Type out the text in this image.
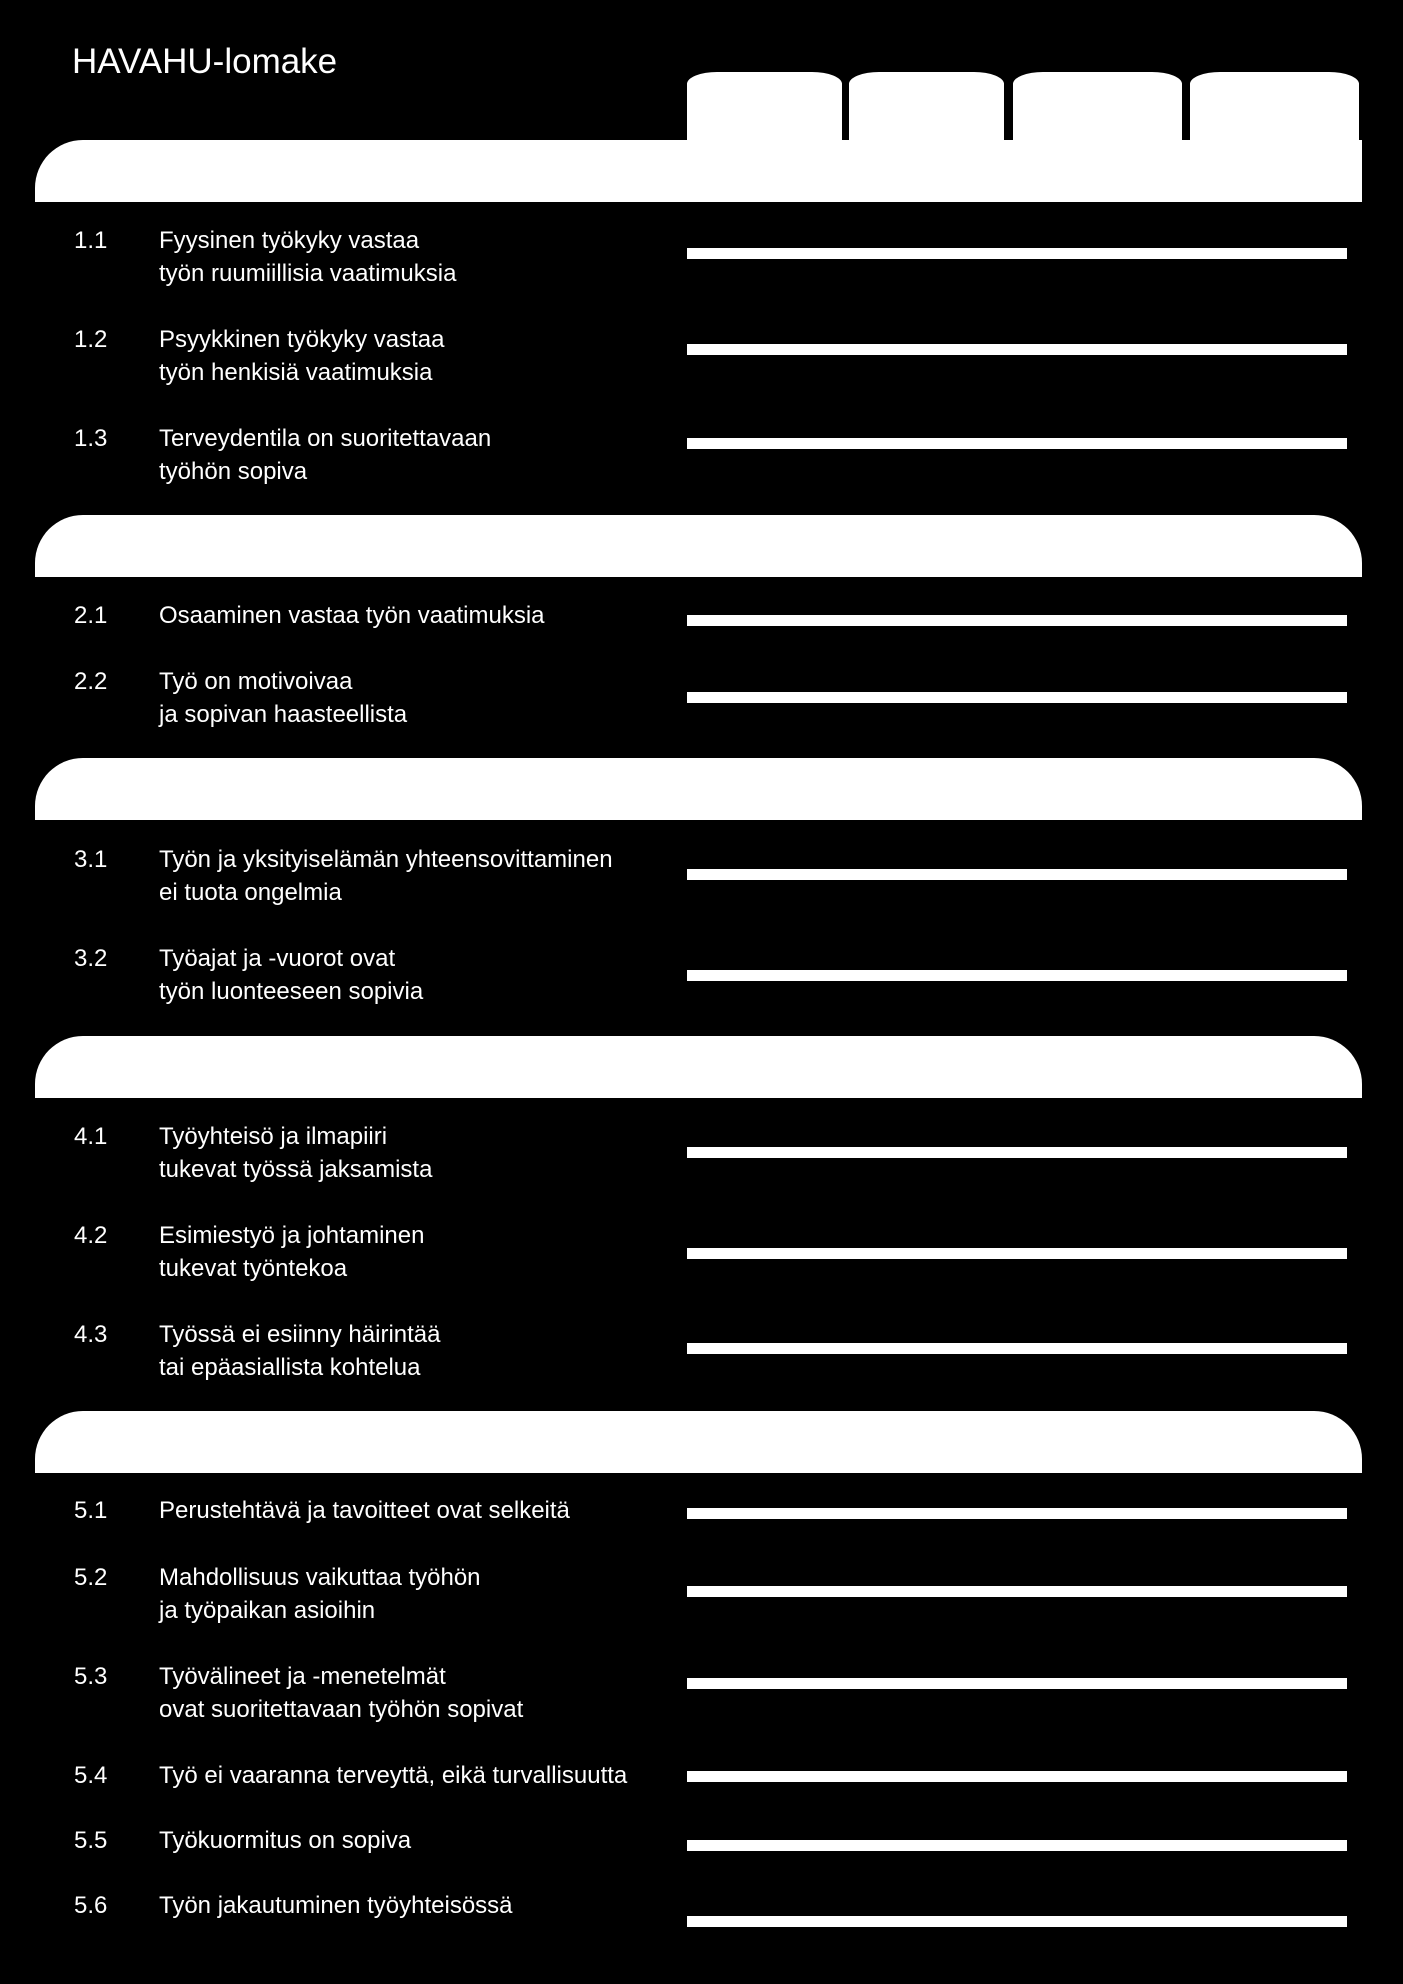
HAVAHU-lomake
1.1 Fyysinen työkyky vastaa
työn ruumiillisia vaatimuksia
1.2 Psyykkinen työkyky vastaa
työn henkisiä vaatimuksia
1.3 Terveydentila on suoritettavaan
työhön sopiva
2.1 Osaaminen vastaa työn vaatimuksia
2.2 Työ on motivoivaa
ja sopivan haasteellista
3.1 Työn ja yksityiselämän yhteensovittaminen
ei tuota ongelmia
3.2 Työajat ja -vuorot ovat
työn luonteeseen sopivia
4.1 Työyhteisö ja ilmapiiri
tukevat työssä jaksamista
4.2 Esimiestyö ja johtaminen
tukevat työntekoa
4.3 Työssä ei esiinny häirintää
tai epäasiallista kohtelua
5.1 Perustehtävä ja tavoitteet ovat selkeitä
5.2 Mahdollisuus vaikuttaa työhön
ja työpaikan asioihin
5.3 Työvälineet ja -menetelmät
ovat suoritettavaan työhön sopivat
5.4 Työ ei vaaranna terveyttä, eikä turvallisuutta
5.5 Työkuormitus on sopiva
5.6 Työn jakautuminen työyhteisössä
